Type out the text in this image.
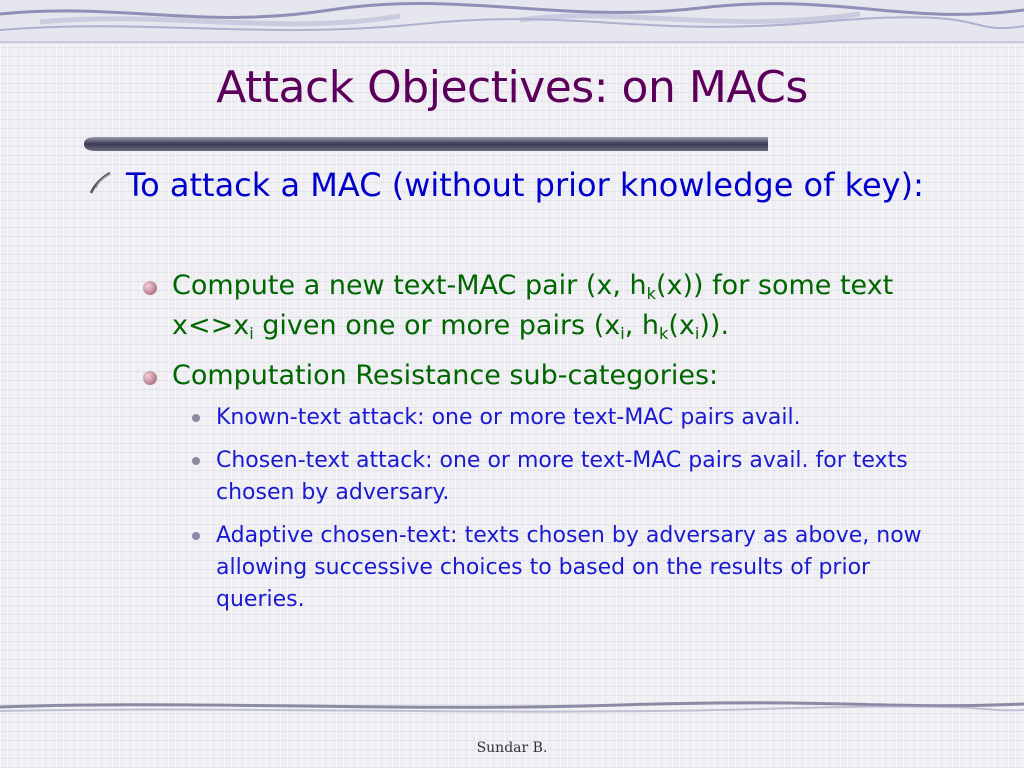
Attack Objectives: on MACs
To attack a MAC (without prior knowledge of key):
Compute a new text-MAC pair (x, $h_k(x)$) for some text $x<>x_i$ given one or more pairs ($x_i$, $h_k(x_i)$).
Computation Resistance sub-categories:
Known-text attack: one or more text-MAC pairs avail.
Chosen-text attack: one or more text-MAC pairs avail. for texts chosen by adversary.
Adaptive chosen-text: texts chosen by adversary as above, now allowing successive choices to based on the results of prior queries.
Sundar B.
